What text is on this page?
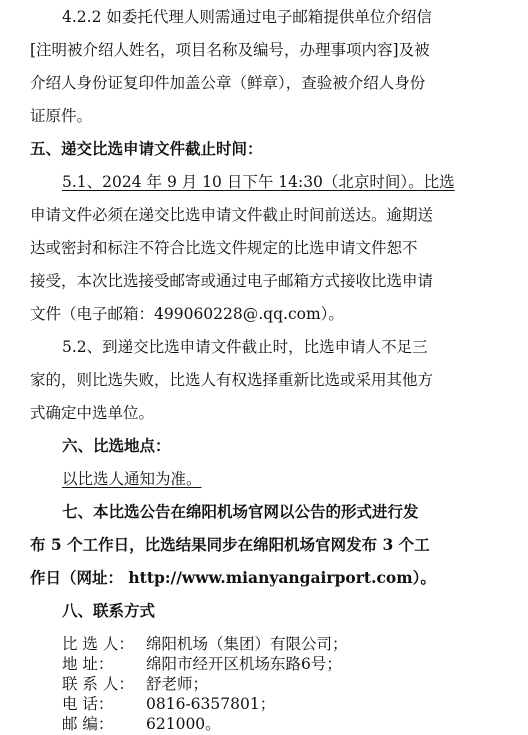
4.2.2 如委托代理人则需通过电子邮箱提供单位介绍信
[注明被介绍人姓名，项目名称及编号，办理事项内容]及被
介绍人身份证复印件加盖公章（鲜章），查验被介绍人身份
证原件。
五、递交比选申请文件截止时间：
5.1、2024 年 9 月 10 日下午 14:30（北京时间）。比选
申请文件必须在递交比选申请文件截止时间前送达。逾期送
达或密封和标注不符合比选文件规定的比选申请文件恕不
接受，本次比选接受邮寄或通过电子邮箱方式接收比选申请
文件（电子邮箱：499060228@.qq.com）。
5.2、到递交比选申请文件截止时，比选申请人不足三
家的，则比选失败，比选人有权选择重新比选或采用其他方
式确定中选单位。
六、比选地点：
以比选人通知为准。
七、本比选公告在绵阳机场官网以公告的形式进行发
布 5 个工作日，比选结果同步在绵阳机场官网发布 3 个工
作日（网址： http://www.mianyangairport.com）。
八、联系方式
比 选 人： 绵阳机场（集团）有限公司；
地 址： 绵阳市经开区机场东路6号；
联 系 人： 舒老师；
电 话： 0816-6357801；
邮 编： 621000。
